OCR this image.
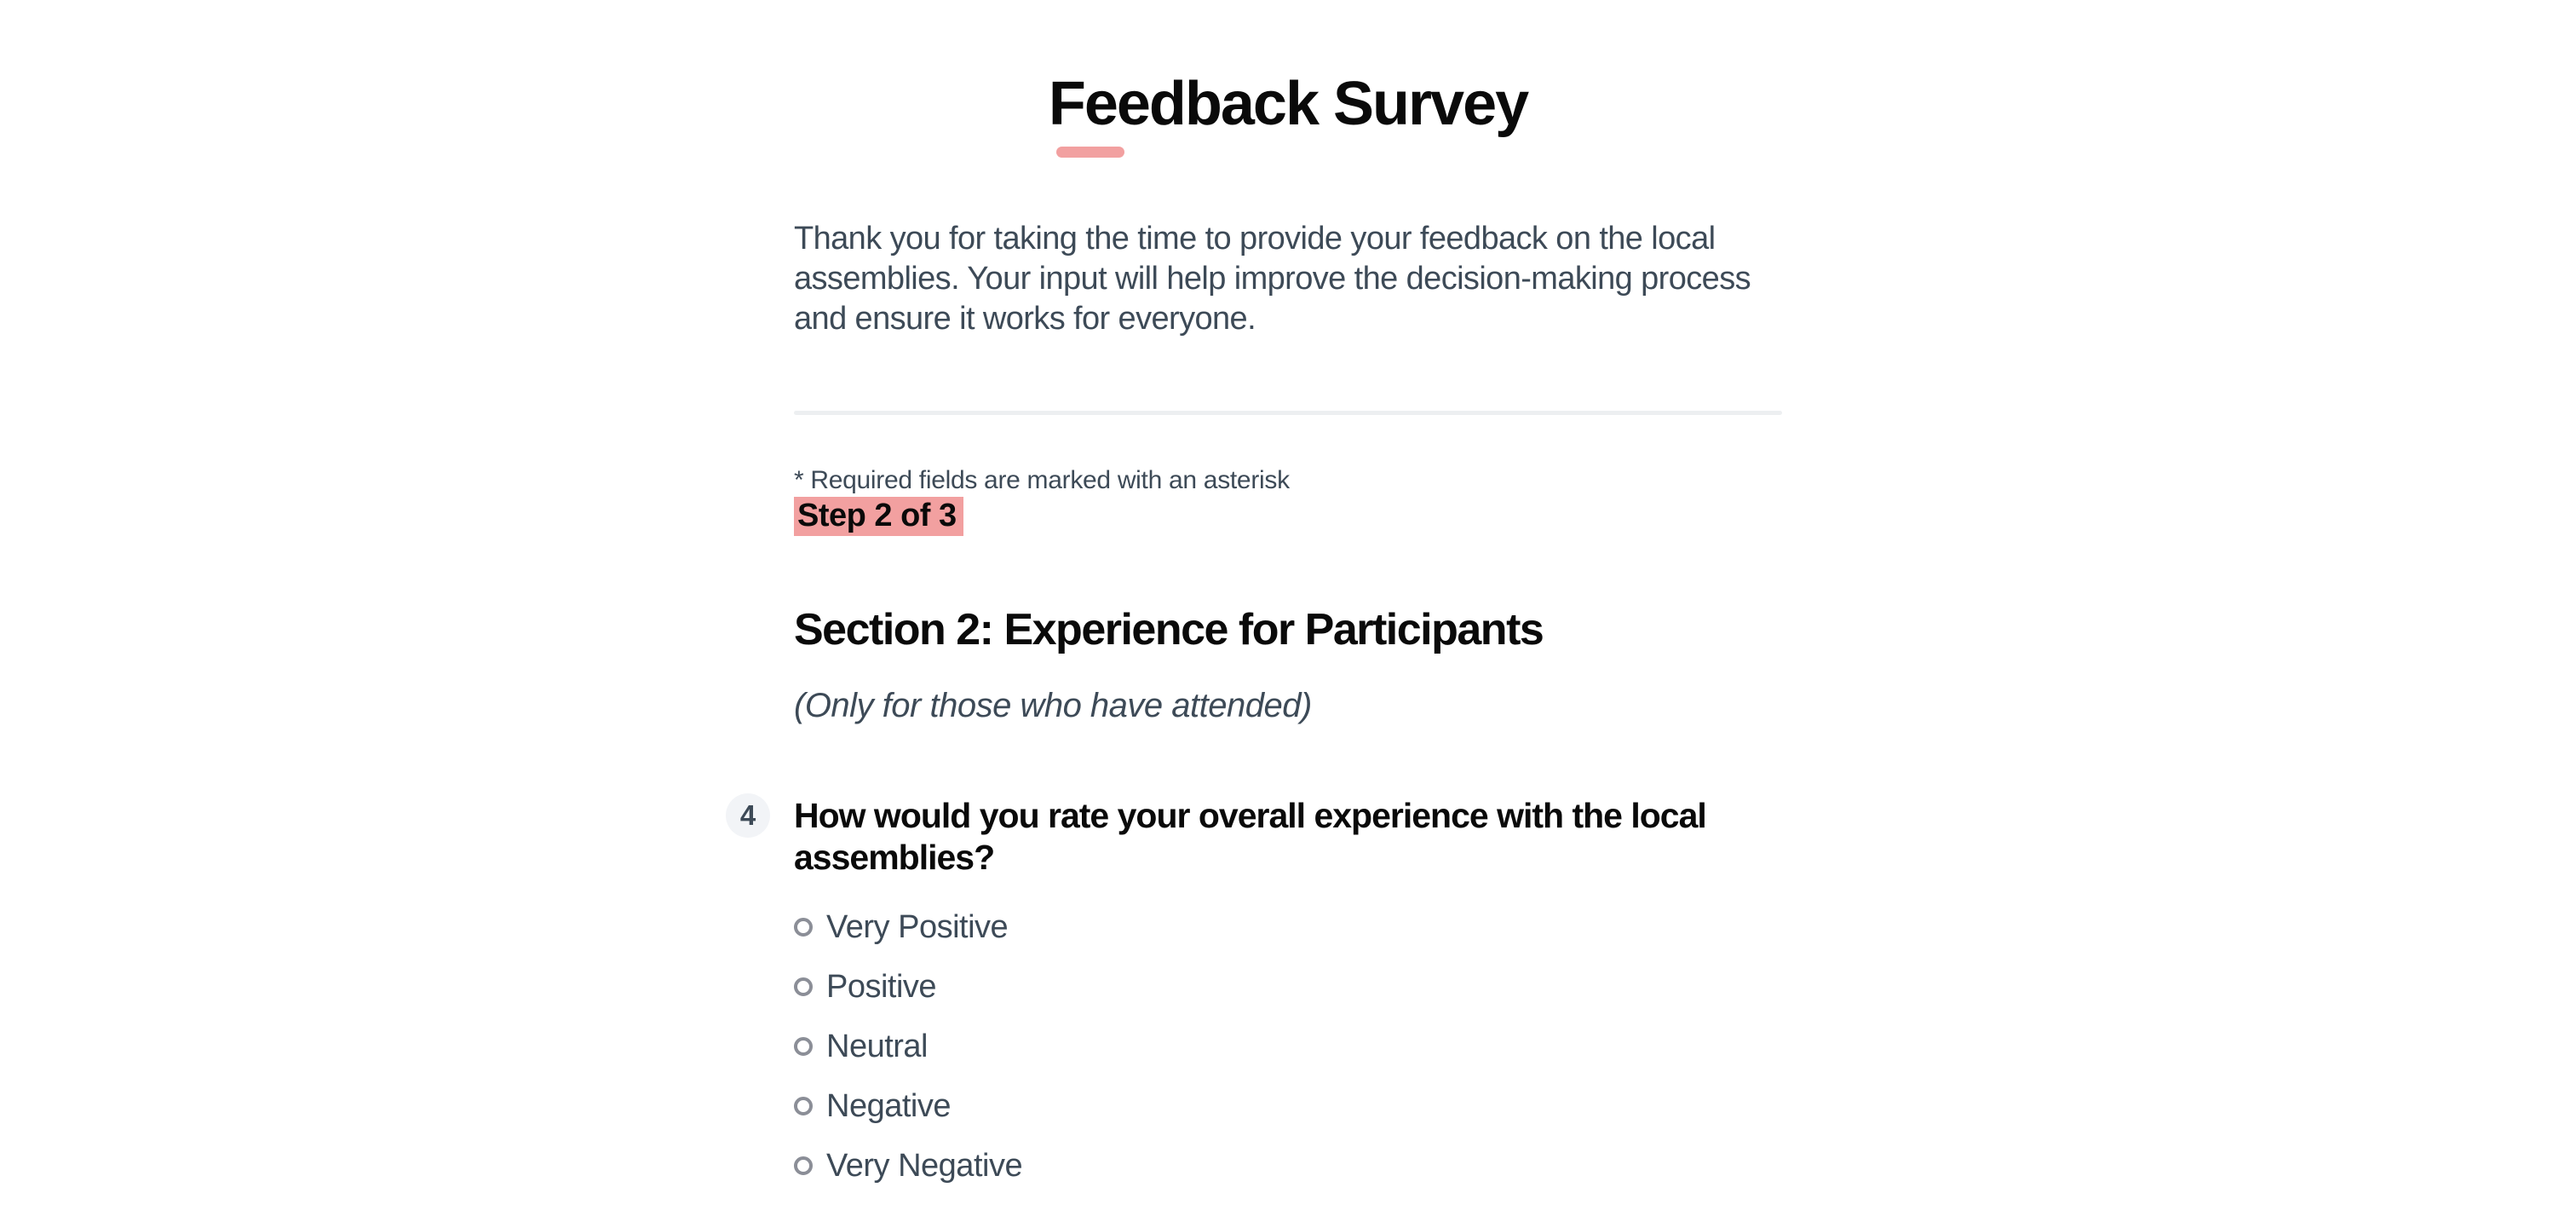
Feedback Survey

Thank you for taking the time to provide your feedback on the local assemblies. Your input will help improve the decision-making process and ensure it works for everyone.

* Required fields are marked with an asterisk
Step 2 of 3
Section 2: Experience for Participants
(Only for those who have attended)
4	How would you rate your overall experience with the local assemblies?

Very Positive
Positive
Neutral
Negative
Very Negative
